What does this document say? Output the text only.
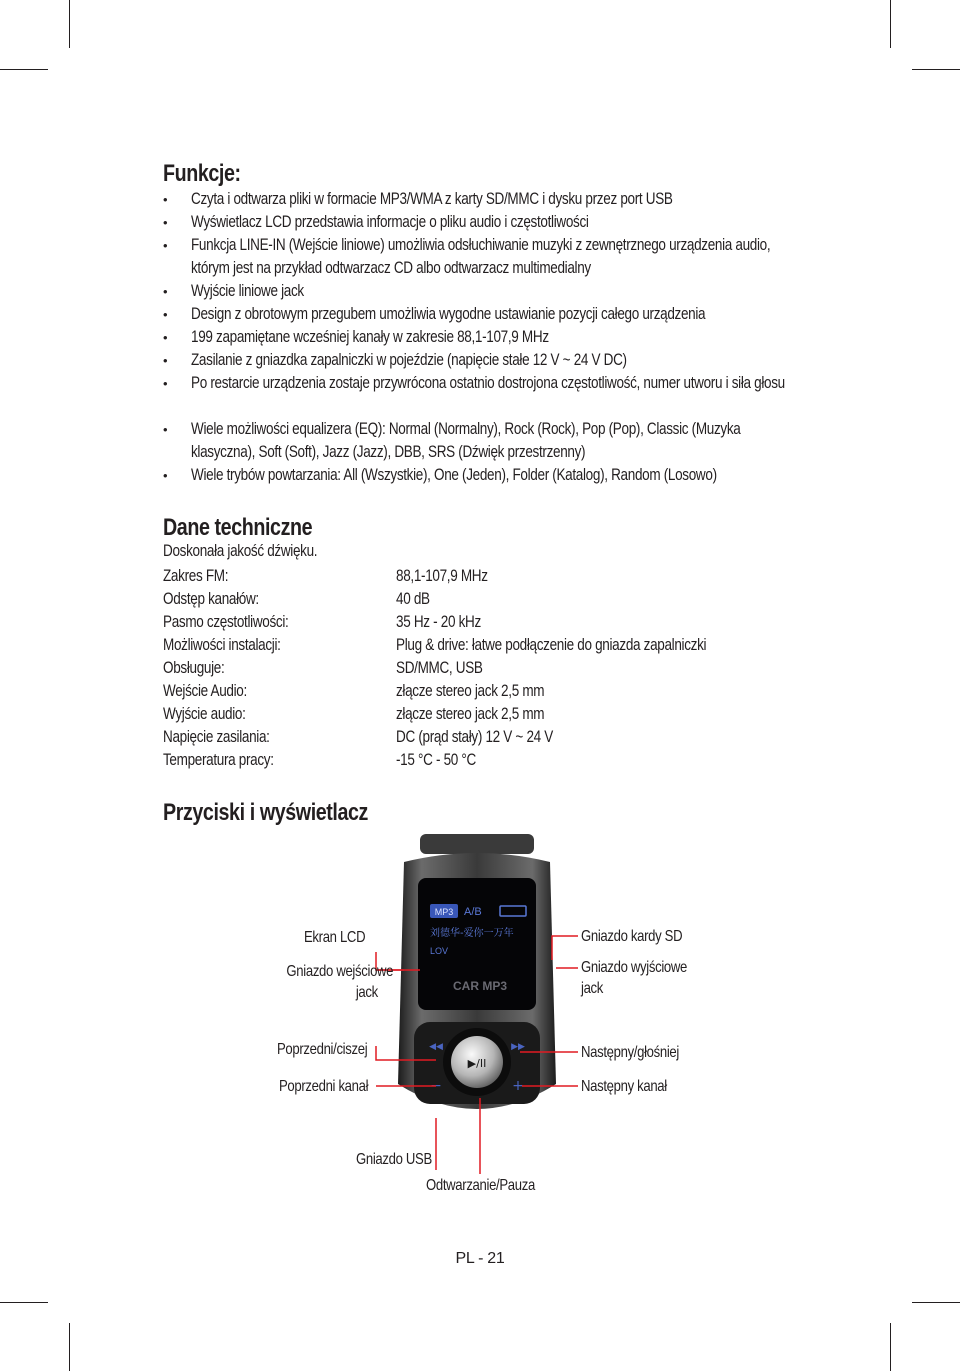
Funkcje:
• Czyta i odtwarza pliki w formacie MP3/WMA z karty SD/MMC i dysku przez port USB
• Wyświetlacz LCD przedstawia informacje o pliku audio i częstotliwości
• Funkcja LINE-IN (Wejście liniowe) umożliwia odsłuchiwanie muzyki z zewnętrznego urządzenia audio, którym jest na przykład odtwarzacz CD albo odtwarzacz multimedialny
• Wyjście liniowe jack
• Design z obrotowym przegubem umożliwia wygodne ustawianie pozycji całego urządzenia
• 199 zapamiętane wcześniej kanały w zakresie 88,1-107,9 MHz
• Zasilanie z gniazdka zapalniczki w pojeździe (napięcie stałe 12 V ~ 24 V DC)
• Po restarcie urządzenia zostaje przywrócona ostatnio dostrojona częstotliwość, numer utworu i siła głosu
• Wiele możliwości equalizera (EQ): Normal (Normalny), Rock (Rock), Pop (Pop), Classic (Muzyka klasyczna), Soft (Soft), Jazz (Jazz), DBB, SRS (Dźwięk przestrzenny)
• Wiele trybów powtarzania: All (Wszystkie), One (Jeden), Folder (Katalog), Random (Losowo)
Dane techniczne
Doskonała jakość dźwięku.
Zakres FM:	88,1-107,9 MHz
Odstęp kanałów:	40 dB
Pasmo częstotliwości:	35 Hz - 20 kHz
Możliwości instalacji:	Plug & drive: łatwe podłączenie do gniazda zapalniczki
Obsługuje:	SD/MMC, USB
Wejście Audio:	złącze stereo jack 2,5 mm
Wyjście audio:	złącze stereo jack 2,5 mm
Napięcie zasilania:	DC (prąd stały) 12 V ~ 24 V
Temperatura pracy:	-15 °C - 50 °C
Przyciski i wyświetlacz
MP3 A/B
刘德华-爱你一万年
LOV
CAR MP3
▶/II
◀◀	▶▶
−	+
Ekran LCD
Gniazdo wejściowe
jack
Poprzedni/ciszej
Poprzedni kanał
Gniazdo kardy SD
Gniazdo wyjściowe
jack
Następny/głośniej
Następny kanał
Gniazdo USB
Odtwarzanie/Pauza
PL - 21
